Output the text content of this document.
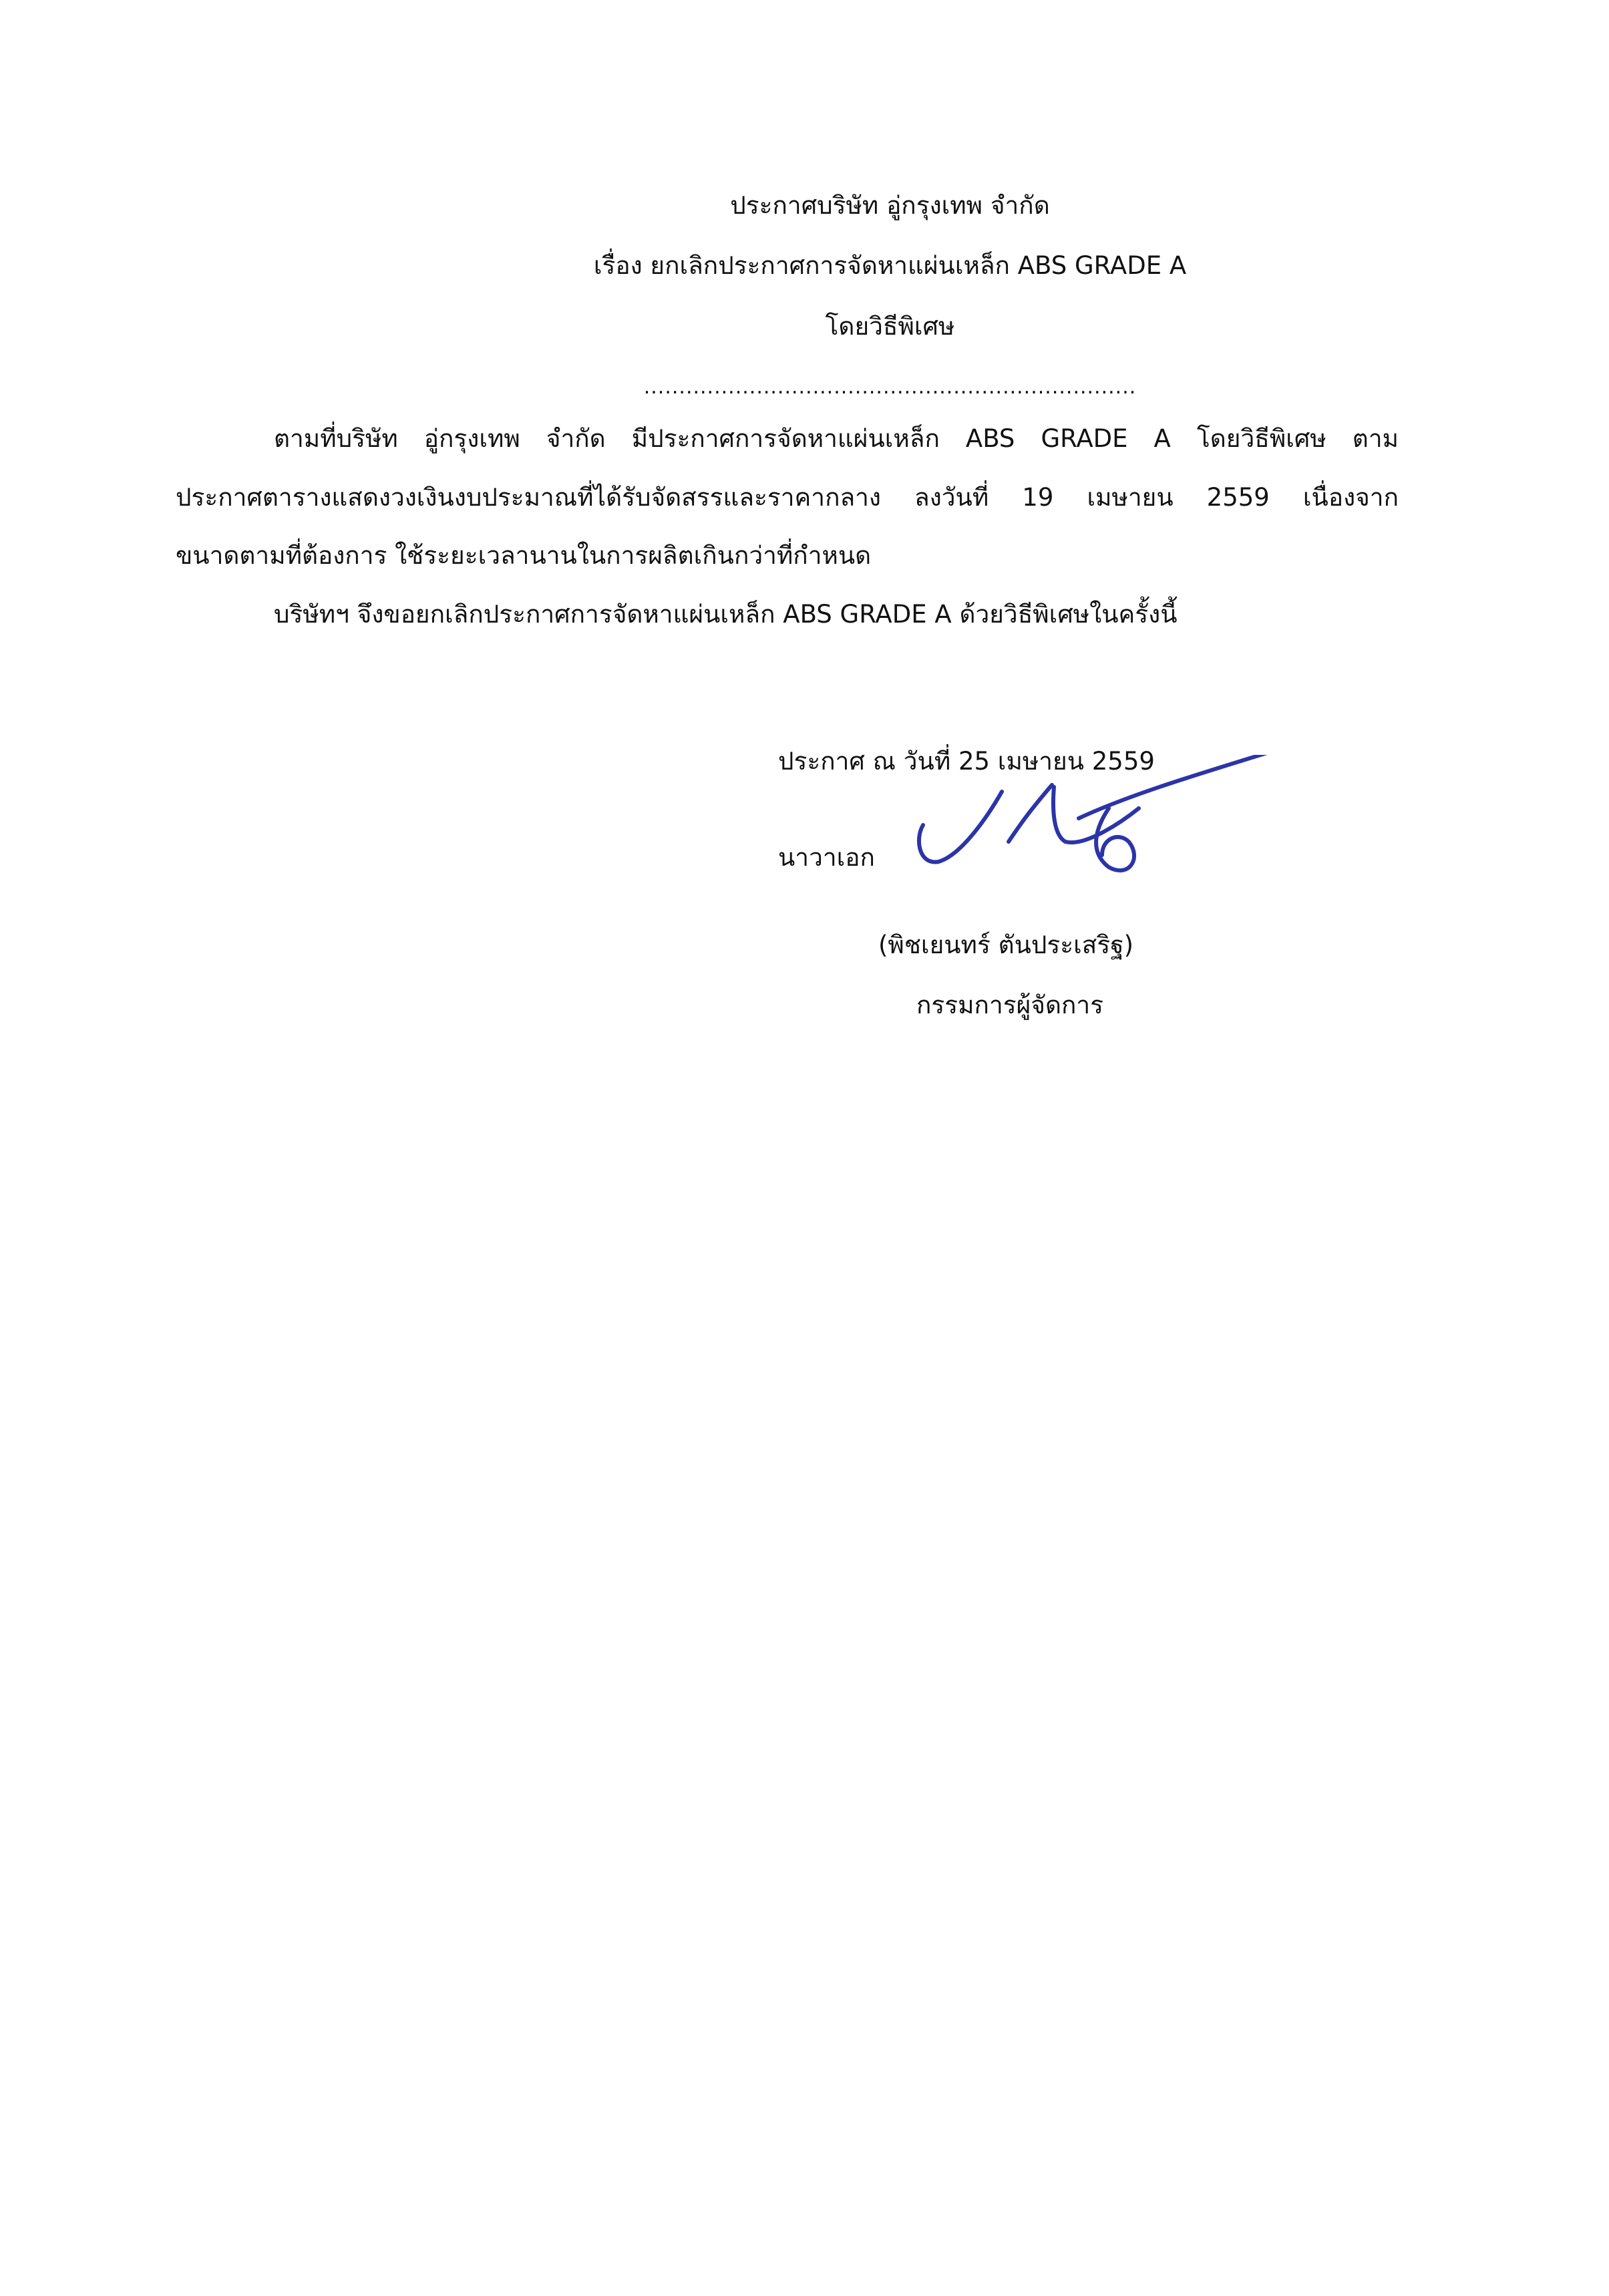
ประกาศบริษัท อู่กรุงเทพ จำกัด
เรื่อง ยกเลิกประกาศการจัดหาแผ่นเหล็ก ABS GRADE A
โดยวิธีพิเศษ
......................................................................
ตามที่บริษัท อู่กรุงเทพ จำกัด มีประกาศการจัดหาแผ่นเหล็ก ABS GRADE A โดยวิธีพิเศษ ตาม
ประกาศตารางแสดงวงเงินงบประมาณที่ได้รับจัดสรรและราคากลาง ลงวันที่ 19 เมษายน 2559 เนื่องจาก
ขนาดตามที่ต้องการ ใช้ระยะเวลานานในการผลิตเกินกว่าที่กำหนด
บริษัทฯ จึงขอยกเลิกประกาศการจัดหาแผ่นเหล็ก ABS GRADE A ด้วยวิธีพิเศษในครั้งนี้
ประกาศ ณ วันที่ 25 เมษายน 2559
นาวาเอก
(พิชเยนทร์ ตันประเสริฐ)
กรรมการผู้จัดการ
